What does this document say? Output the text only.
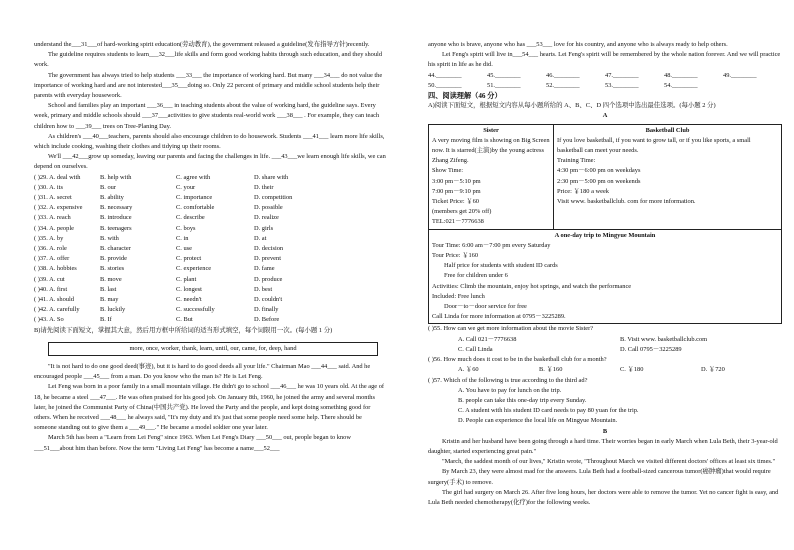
understand the___31___of hard-working spirit education(劳动教育), the government released a guideline(发布指导方针)recently.

The guideline requires students to learn___32___life skills and form good working habits through such education, and they should work.

The government has always tried to help students ___33___ the importance of working hard. But many ___34___ do not value the importance of working hard and are not interested___35___doing so. Only 22 percent of primary and middle school students help their parents with everyday housework.

School and families play an important ___36___ in teaching students about the value of working hard, the guideline says. Every week, primary and middle schools should ___37___activities to give students real-world work ___38___ . For example, they can teach children how to ___39___ trees on Tree-Planing Day.

As children's ___40___teachers, parents should also encourage children to do housework. Students ___41___ learn more life skills, which include cooking, washing their clothes and tidying up their rooms.

We'll ___42___grow up someday, leaving our parents and facing the challenges in life. ___43___we learn enough life skills, we can depend on ourselves.

( )29. A. deal with	B. help with	C. agree with	D. share with
( )30. A. its	B. our	C. your	D. their
( )31. A. secret	B. ability	C. importance	D. competition
( )32. A. expensive	B. necessary	C. comfortable	D. possible
( )33. A. reach	B. introduce	C. describe	D. realize
( )34. A. people	B. teenagers	C. boys	D. girls
( )35. A. by	B. with	C. in	D. at
( )36. A. role	B. character	C. use	D. decision
( )37. A. offer	B. provide	C. protect	D. prevent
( )38. A. hobbies	B. stories	C. experience	D. fame
( )39. A. cut	B. move	C. plant	D. produce
( )40. A. first	B. last	C. longest	D. best
( )41. A. should	B. may	C. needn't	D. couldn't
( )42. A. carefully	B. luckily	C. successfully	D. finally
( )43. A. So	B. If	C. But	D. Before

B)请先阅读下面短文，掌握其大意，然后用方框中所给词的适当形式填空，每个词限用一次。(每小题 1 分)

more, once, worker, thank, learn, until, our, came, for, deep, hand

"It is not hard to do one good deed(事迹), but it is hard to do good deeds all your life." Chairman Mao ___44___ said. And he encouraged people ___45___ from a man. Do you know who the man is? He is Lei Feng.

Lei Feng was born in a poor family in a small mountain village. He didn't go to school ___46___ he was 10 years old. At the age of 18, he became a steel ___47___. He was often praised for his good job. On January 8th, 1960, he joined the army and several months later, he joined the Communist Party of China(中国共产党). He loved the Party and the people, and kept doing something good for others. When he received ___48___ he always said, "It's my duty and it's just that some people need some help. There should be someone standing out to give them a ___49___." He became a model soldier one year later.

March 5th has been a "Learn from Lei Feng" since 1963. When Lei Feng's Diary ___50___ out, people began to know ___51___about him than before. Now the term "Living Lei Feng" has become a name___52___

anyone who is brave, anyone who has ___53___ love for his country, and anyone who is always ready to help others.

Lei Feng's spirit will live in___54___ hearts. Lei Feng's spirit will be remembered by the whole nation forever. And we will practice his spirit in life as he did.

44.________	45.________	46.________	47.________	48.________	49.________
50.________	51.________	52.________	53.________	54.________

四、阅读理解（46 分）

A)阅读下面短文，根据短文内容从每小题所给的 A、B、C、D 四个选项中选出最佳选项。(每小题 2 分)

A

Sister

A very moving film is showing on Big Screen now. It is starred(主演)by the young actress Zhang Zifeng.

Show Time:

3:00 pm－5:10 pm

7:00 pm－9:10 pm

Ticket Price: ￥60

(members get 20% off)

TEL:021－7776638

Basketball Club

If you love basketball, if you want to grow tall, or if you like sports, a small basketball can meet your needs.

Training Time:

4:30 pm－6:00 pm on weekdays

2:30 pm－5:00 pm on weekends

Price: ￥180 a week

Visit www. basketballclub. com for more information.

A one-day trip to Mingyue Mountain

Tour Time: 6:00 am－7:00 pm every Saturday

Tour Price: ￥160

Half price for students with student ID cards

Free for children under 6

Activities: Climb the mountain, enjoy hot springs, and watch the performance

Included: Free lunch

Door－to－door service for free

Call Linda for more information at 0795－3225289.

( )55. How can we get more information about the movie Sister?

A. Call 021－7776638	B. Visit www. basketballclub.com
C. Call Linda	D. Call 0795－3225289

( )56. How much does it cost to be in the basketball club for a month?

A. ￥60	B. ￥160	C. ￥180	D. ￥720

( )57. Which of the following is true according to the third ad?

A. You have to pay for lunch on the trip.

B. people can take this one-day trip every Sunday.

C. A student with his student ID card needs to pay 80 yuan for the trip.

D. People can experience the local life on Mingyue Mountain.

B

Kristin and her husband have been going through a hard time. Their worries began in early March when Lula Beth, their 3-year-old daughter, started experiencing great pain."

"March, the saddest month of our lives," Kristin wrote, "Throughout March we visited different doctors' offices at least six times."

By March 23, they were almost mad for the answers. Lula Beth had a football-sized cancerous tumor(癌肿瘤)that would require surgery(手术) to remove.

The girl had surgery on March 26. After five long hours, her doctors were able to remove the tumor. Yet no cancer fight is easy, and Lula Beth needed chemotherapy(化疗)for the following weeks.
